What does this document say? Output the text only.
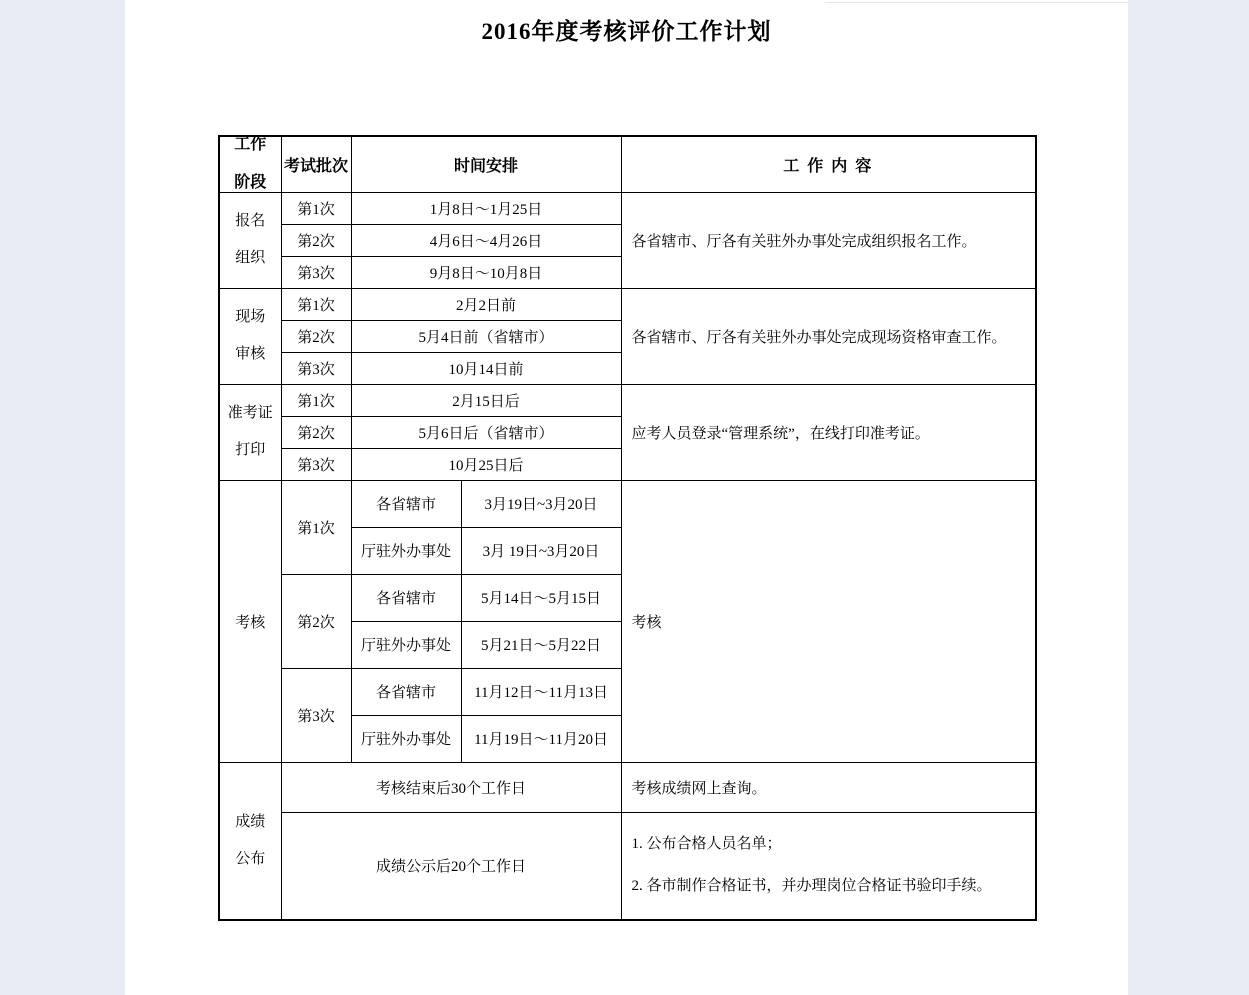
2016年度考核评价工作计划
工作
阶段	考试批次	时间安排		工 作 内 容

报名
组织	第1次	1月8日～1月25日		各省辖市、厅各有关驻外办事处完成组织报名工作。
	第2次	4月6日～4月26日		
	第3次	9月8日～10月8日		

现场
审核	第1次	2月2日前		各省辖市、厅各有关驻外办事处完成现场资格审查工作。
	第2次	5月4日前（省辖市）		
	第3次	10月14日前		

准考证
打印	第1次	2月15日后		应考人员登录“管理系统”，在线打印准考证。
	第2次	5月6日后（省辖市）		
	第3次	10月25日后		
考核	第1次	各省辖市	3月19日~3月20日	考核
		厅驻外办事处	3月 19日~3月20日	
	第2次	各省辖市	5月14日～5月15日	
		厅驻外办事处	5月21日～5月22日	
	第3次	各省辖市	11月12日～11月13日	
		厅驻外办事处	11月19日～11月20日	

成绩
公布	考核结束后30个工作日			考核成绩网上查询。
	成绩公示后20个工作日			1. 公布合格人员名单；
2. 各市制作合格证书，并办理岗位合格证书验印手续。
